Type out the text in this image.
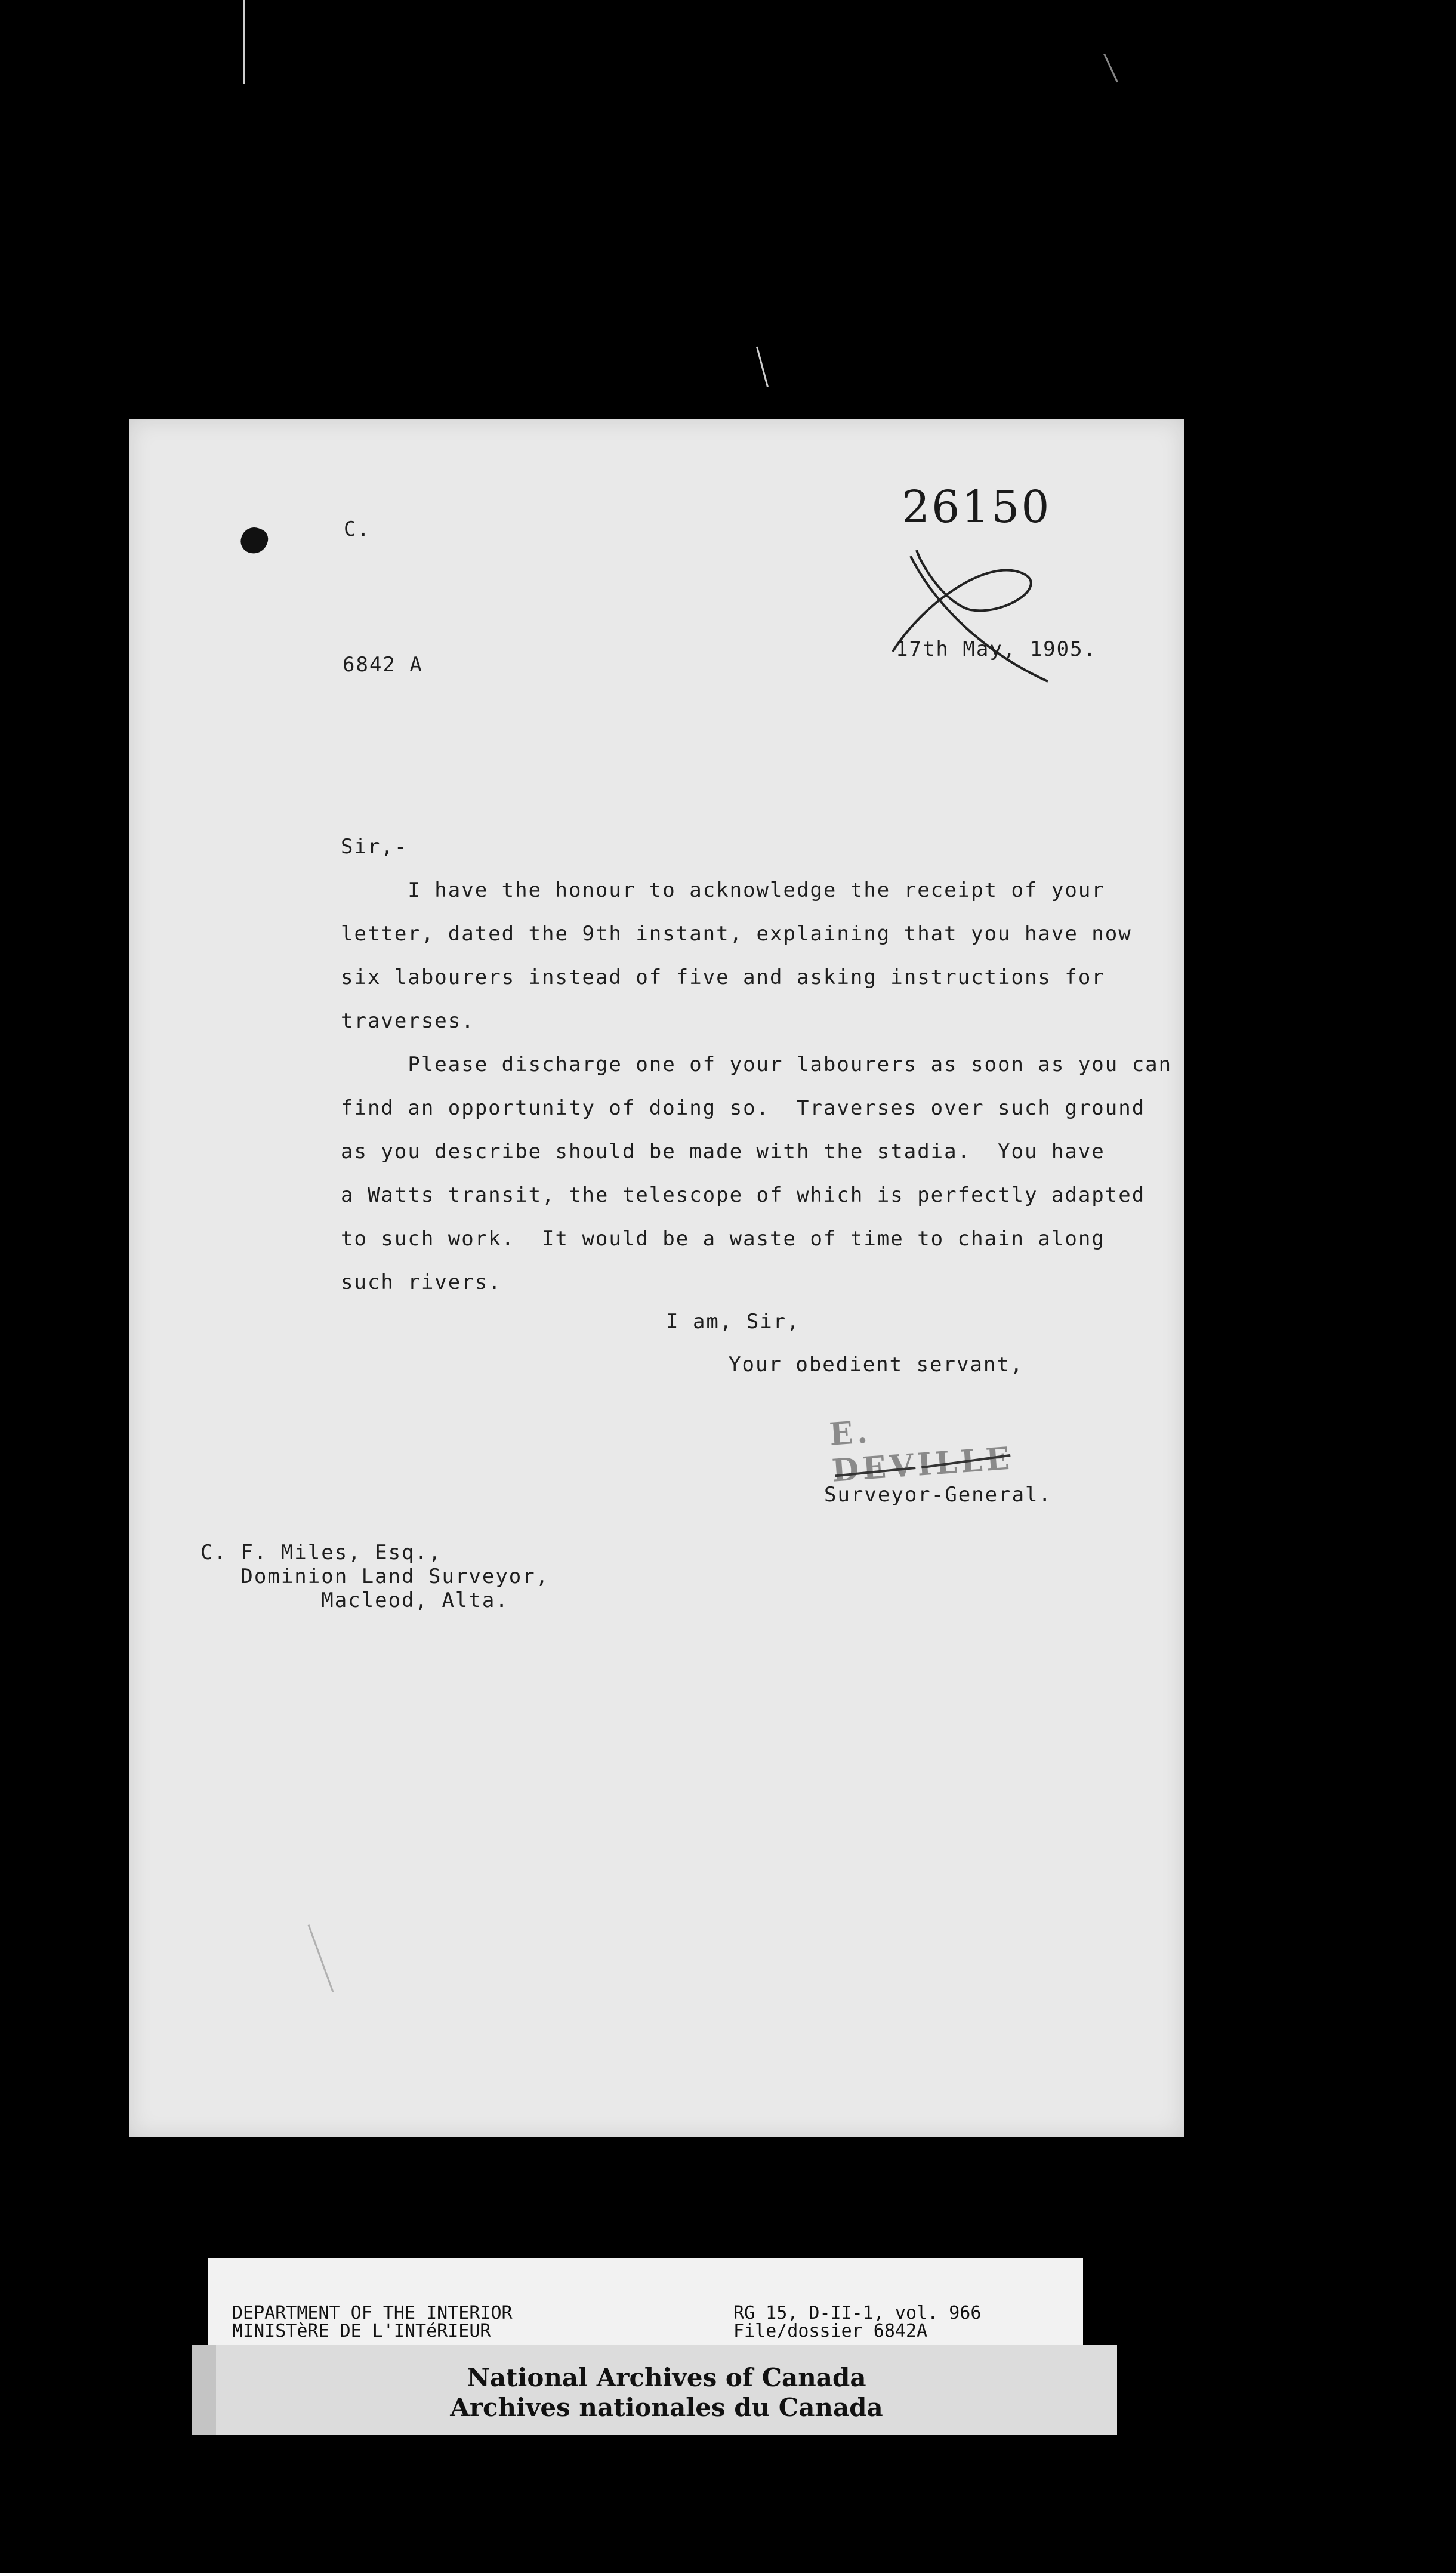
C.	26150
6842 A
17th May, 1905.
Sir,-
I have the honour to acknowledge the receipt of your
letter, dated the 9th instant, explaining that you have now
six labourers instead of five and asking instructions for
traverses.
Please discharge one of your labourers as soon as you can
find an opportunity of doing so.  Traverses over such ground
as you describe should be made with the stadia.  You have
a Watts transit, the telescope of which is perfectly adapted
to such work.  It would be a waste of time to chain along
such rivers.
I am, Sir,
Your obedient servant,
E. DEVILLE
Surveyor-General.
C. F. Miles, Esq.,
Dominion Land Surveyor,
Macleod, Alta.
DEPARTMENT OF THE INTERIOR
MINISTèRE DE L'INTéRIEUR
RG 15, D-II-1, vol. 966
File/dossier 6842A
National Archives of Canada
Archives nationales du Canada
